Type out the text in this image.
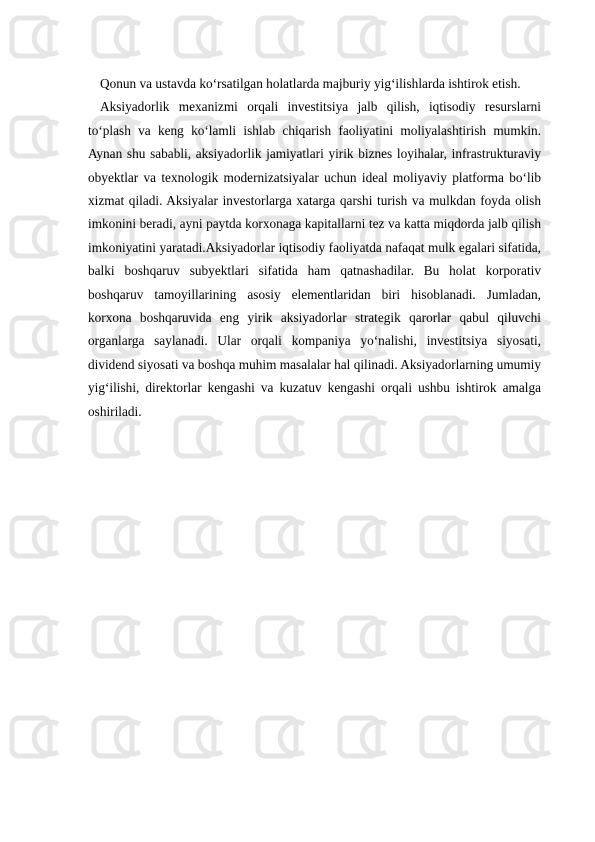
Qonun va ustavda ko‘rsatilgan holatlarda majburiy yig‘ilishlarda ishtirok etish.

Aksiyadorlik mexanizmi orqali investitsiya jalb qilish, iqtisodiy resurslarni to‘plash va keng ko‘lamli ishlab chiqarish faoliyatini moliyalashtirish mumkin. Aynan shu sababli, aksiyadorlik jamiyatlari yirik biznes loyihalar, infrastrukturaviy obyektlar va texnologik modernizatsiyalar uchun ideal moliyaviy platforma bo‘lib xizmat qiladi. Aksiyalar investorlarga xatarga qarshi turish va mulkdan foyda olish imkonini beradi, ayni paytda korxonaga kapitallarni tez va katta miqdorda jalb qilish imkoniyatini yaratadi.Aksiyadorlar iqtisodiy faoliyatda nafaqat mulk egalari sifatida, balki boshqaruv subyektlari sifatida ham qatnashadilar. Bu holat korporativ boshqaruv tamoyillarining asosiy elementlaridan biri hisoblanadi. Jumladan, korxona boshqaruvida eng yirik aksiyadorlar strategik qarorlar qabul qiluvchi organlarga saylanadi. Ular orqali kompaniya yo‘nalishi, investitsiya siyosati, dividend siyosati va boshqa muhim masalalar hal qilinadi. Aksiyadorlarning umumiy yig‘ilishi, direktorlar kengashi va kuzatuv kengashi orqali ushbu ishtirok amalga oshiriladi.
